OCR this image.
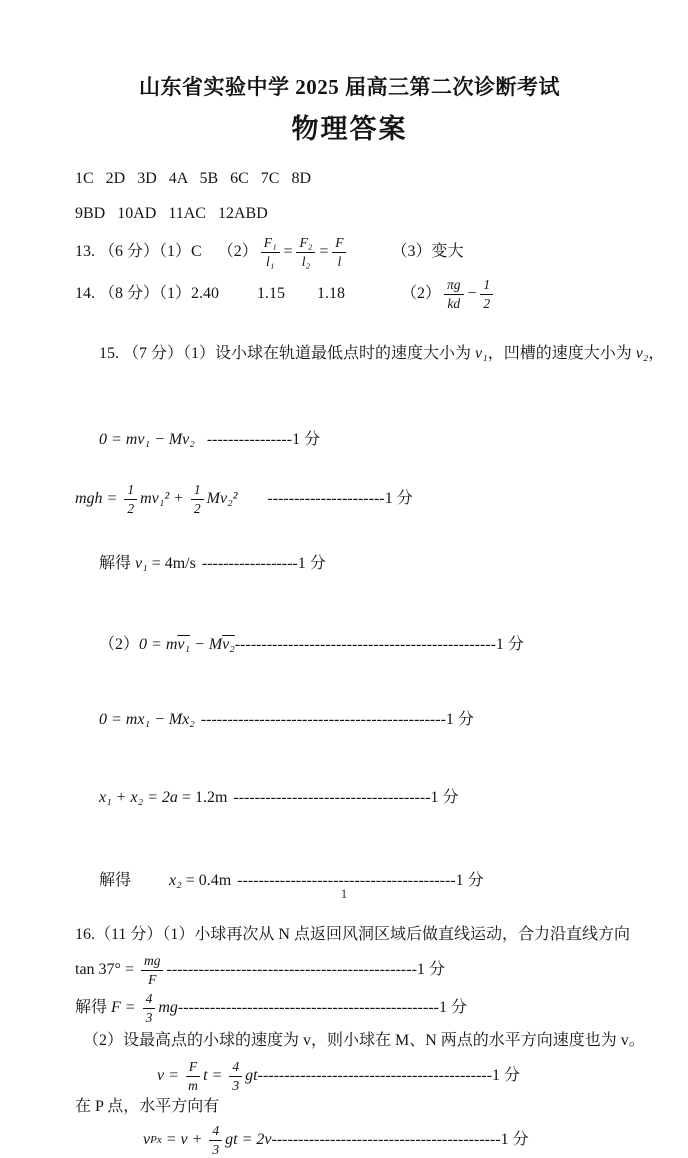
山东省实验中学 2025 届高三第二次诊断考试
物理答案
1C   2D   3D   4A   5B   6C   7C   8D
9BD   10AD   11AC   12ABD
13. （6 分）（1）C $(2) \frac{\text{F₁}}{\text{l₁}} = \frac{\text{F₂}}{\text{l₂}} = \frac{F}{l}$	（3）变大
14. （8 分）（1）2.40 1.15 1.18	$(2) \frac{\pi g}{kd} - \frac{1}{2}$

15. （7 分）（1）设小球在轨道最低点时的速度大小为 v₁，凹槽的速度大小为 v₂，

0 = mv₁ − Mv₂ ----------------1 分

mgh = $\frac{1}{2} mv_1^2 + \frac{1}{2} Mv_2^2$ ---------------------- 1 分

解得 v₁ = 4m/s ------------------1 分

（2）0 = mv₁ − Mv₂-------------------------------------------------1 分

0 = mx₁ − Mx₂ ----------------------------------------------1 分

x₁ + x₂ = 2a = 1.2m -------------------------------------1 分

解得 x₂ = 0.4m -----------------------------------------1 分

16.（11 分）（1）小球再次从 N 点返回风洞区域后做直线运动，合力沿直线方向
$\tan 37^\circ = \frac{mg}{F}$ ----------------------------------------------- 1 分
解得 $F = \frac{4}{3}$ mg ------------------------------------------------- 1 分
（2）设最高点的小球的速度为 v，则小球在 M、N 两点的水平方向速度也为 v。
$v = \frac{F}{m}$ $t = \frac{4}{3}$ gt -------------------------------------------- 1 分
在 P 点，水平方向有
v $Px = v + \frac{4}{3}$ gt = 2v ------------------------------------------- 1 分
1
